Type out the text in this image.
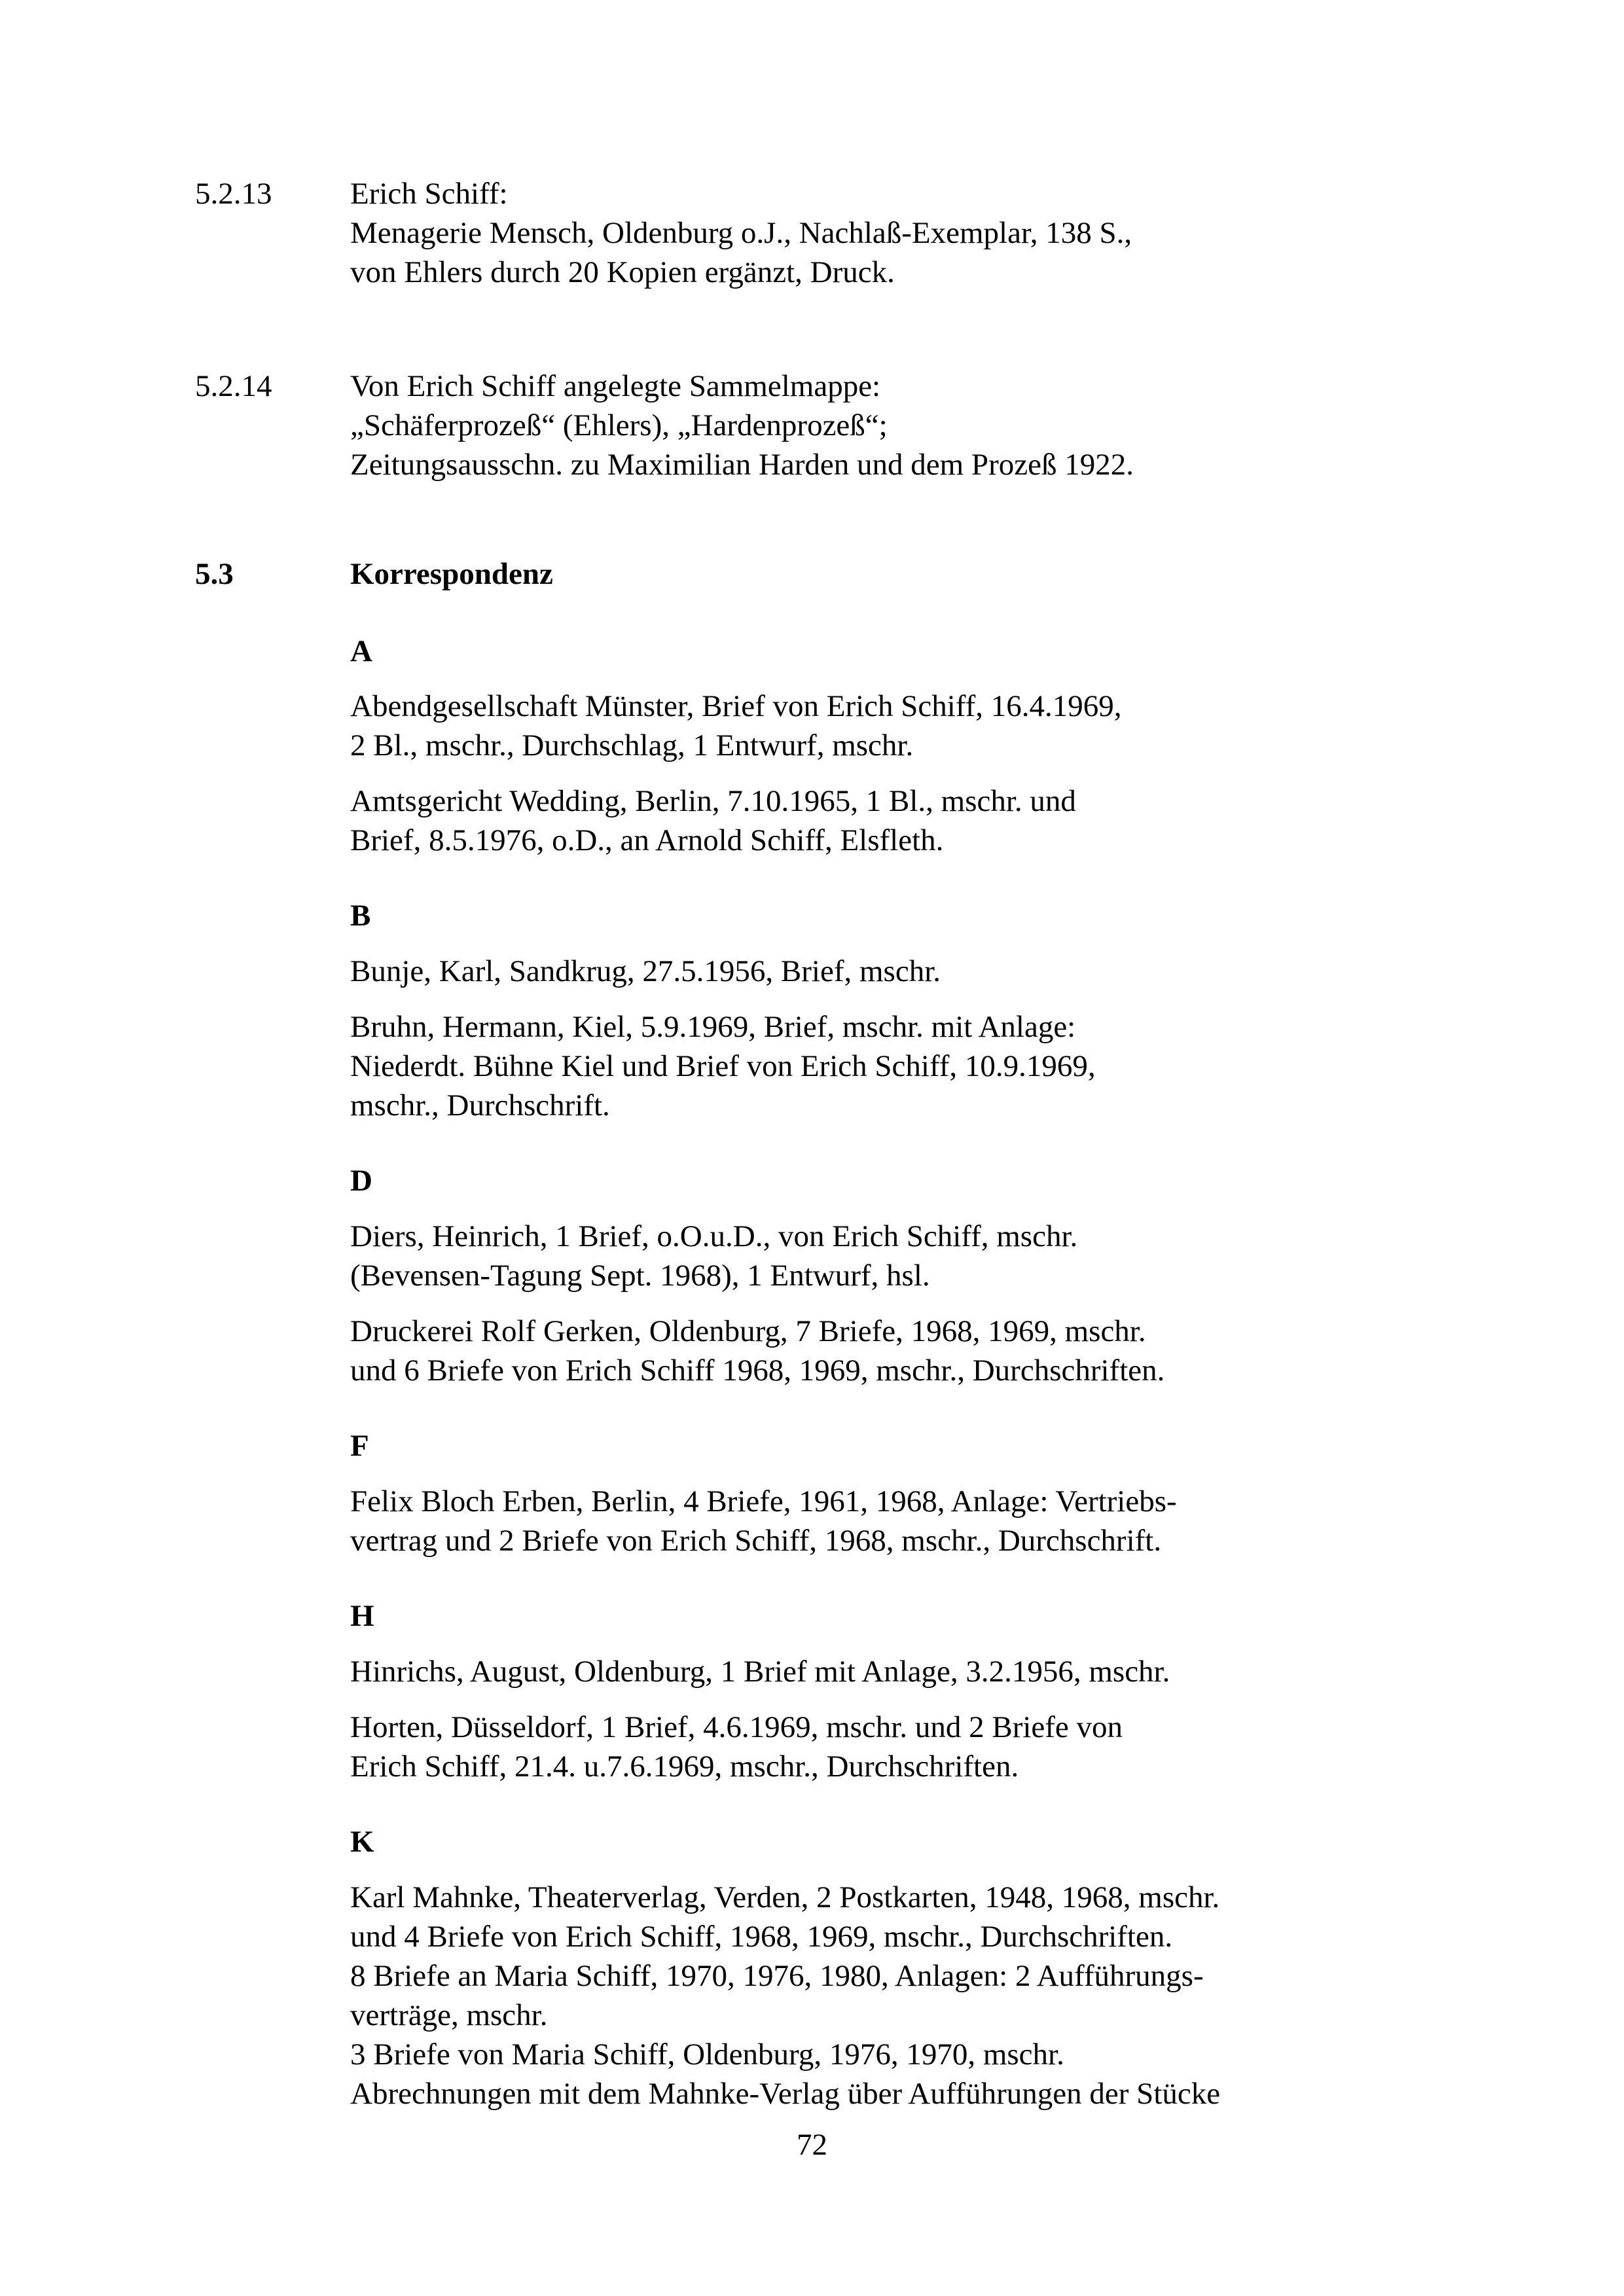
5.2.13	Erich Schiff:
Menagerie Mensch, Oldenburg o.J., Nachlaß-Exemplar, 138 S.,
von Ehlers durch 20 Kopien ergänzt, Druck.
5.2.14	Von Erich Schiff angelegte Sammelmappe:
„Schäferprozeß“ (Ehlers), „Hardenprozeß“;
Zeitungsausschn. zu Maximilian Harden und dem Prozeß 1922.
5.3	Korrespondenz
A
Abendgesellschaft Münster, Brief von Erich Schiff, 16.4.1969,
2 Bl., mschr., Durchschlag, 1 Entwurf, mschr.
Amtsgericht Wedding, Berlin, 7.10.1965, 1 Bl., mschr. und
Brief, 8.5.1976, o.D., an Arnold Schiff, Elsfleth.
B
Bunje, Karl, Sandkrug, 27.5.1956, Brief, mschr.
Bruhn, Hermann, Kiel, 5.9.1969, Brief, mschr. mit Anlage:
Niederdt. Bühne Kiel und Brief von Erich Schiff, 10.9.1969,
mschr., Durchschrift.
D
Diers, Heinrich, 1 Brief, o.O.u.D., von Erich Schiff, mschr.
(Bevensen-Tagung Sept. 1968), 1 Entwurf, hsl.
Druckerei Rolf Gerken, Oldenburg, 7 Briefe, 1968, 1969, mschr.
und 6 Briefe von Erich Schiff 1968, 1969, mschr., Durchschriften.
F
Felix Bloch Erben, Berlin, 4 Briefe, 1961, 1968, Anlage: Vertriebs-
vertrag und 2 Briefe von Erich Schiff, 1968, mschr., Durchschrift.
H
Hinrichs, August, Oldenburg, 1 Brief mit Anlage, 3.2.1956, mschr.
Horten, Düsseldorf, 1 Brief, 4.6.1969, mschr. und 2 Briefe von
Erich Schiff, 21.4. u.7.6.1969, mschr., Durchschriften.
K
Karl Mahnke, Theaterverlag, Verden, 2 Postkarten, 1948, 1968, mschr.
und 4 Briefe von Erich Schiff, 1968, 1969, mschr., Durchschriften.
8 Briefe an Maria Schiff, 1970, 1976, 1980, Anlagen: 2 Aufführungs-
verträge, mschr.
3 Briefe von Maria Schiff, Oldenburg, 1976, 1970, mschr.
Abrechnungen mit dem Mahnke-Verlag über Aufführungen der Stücke
72
